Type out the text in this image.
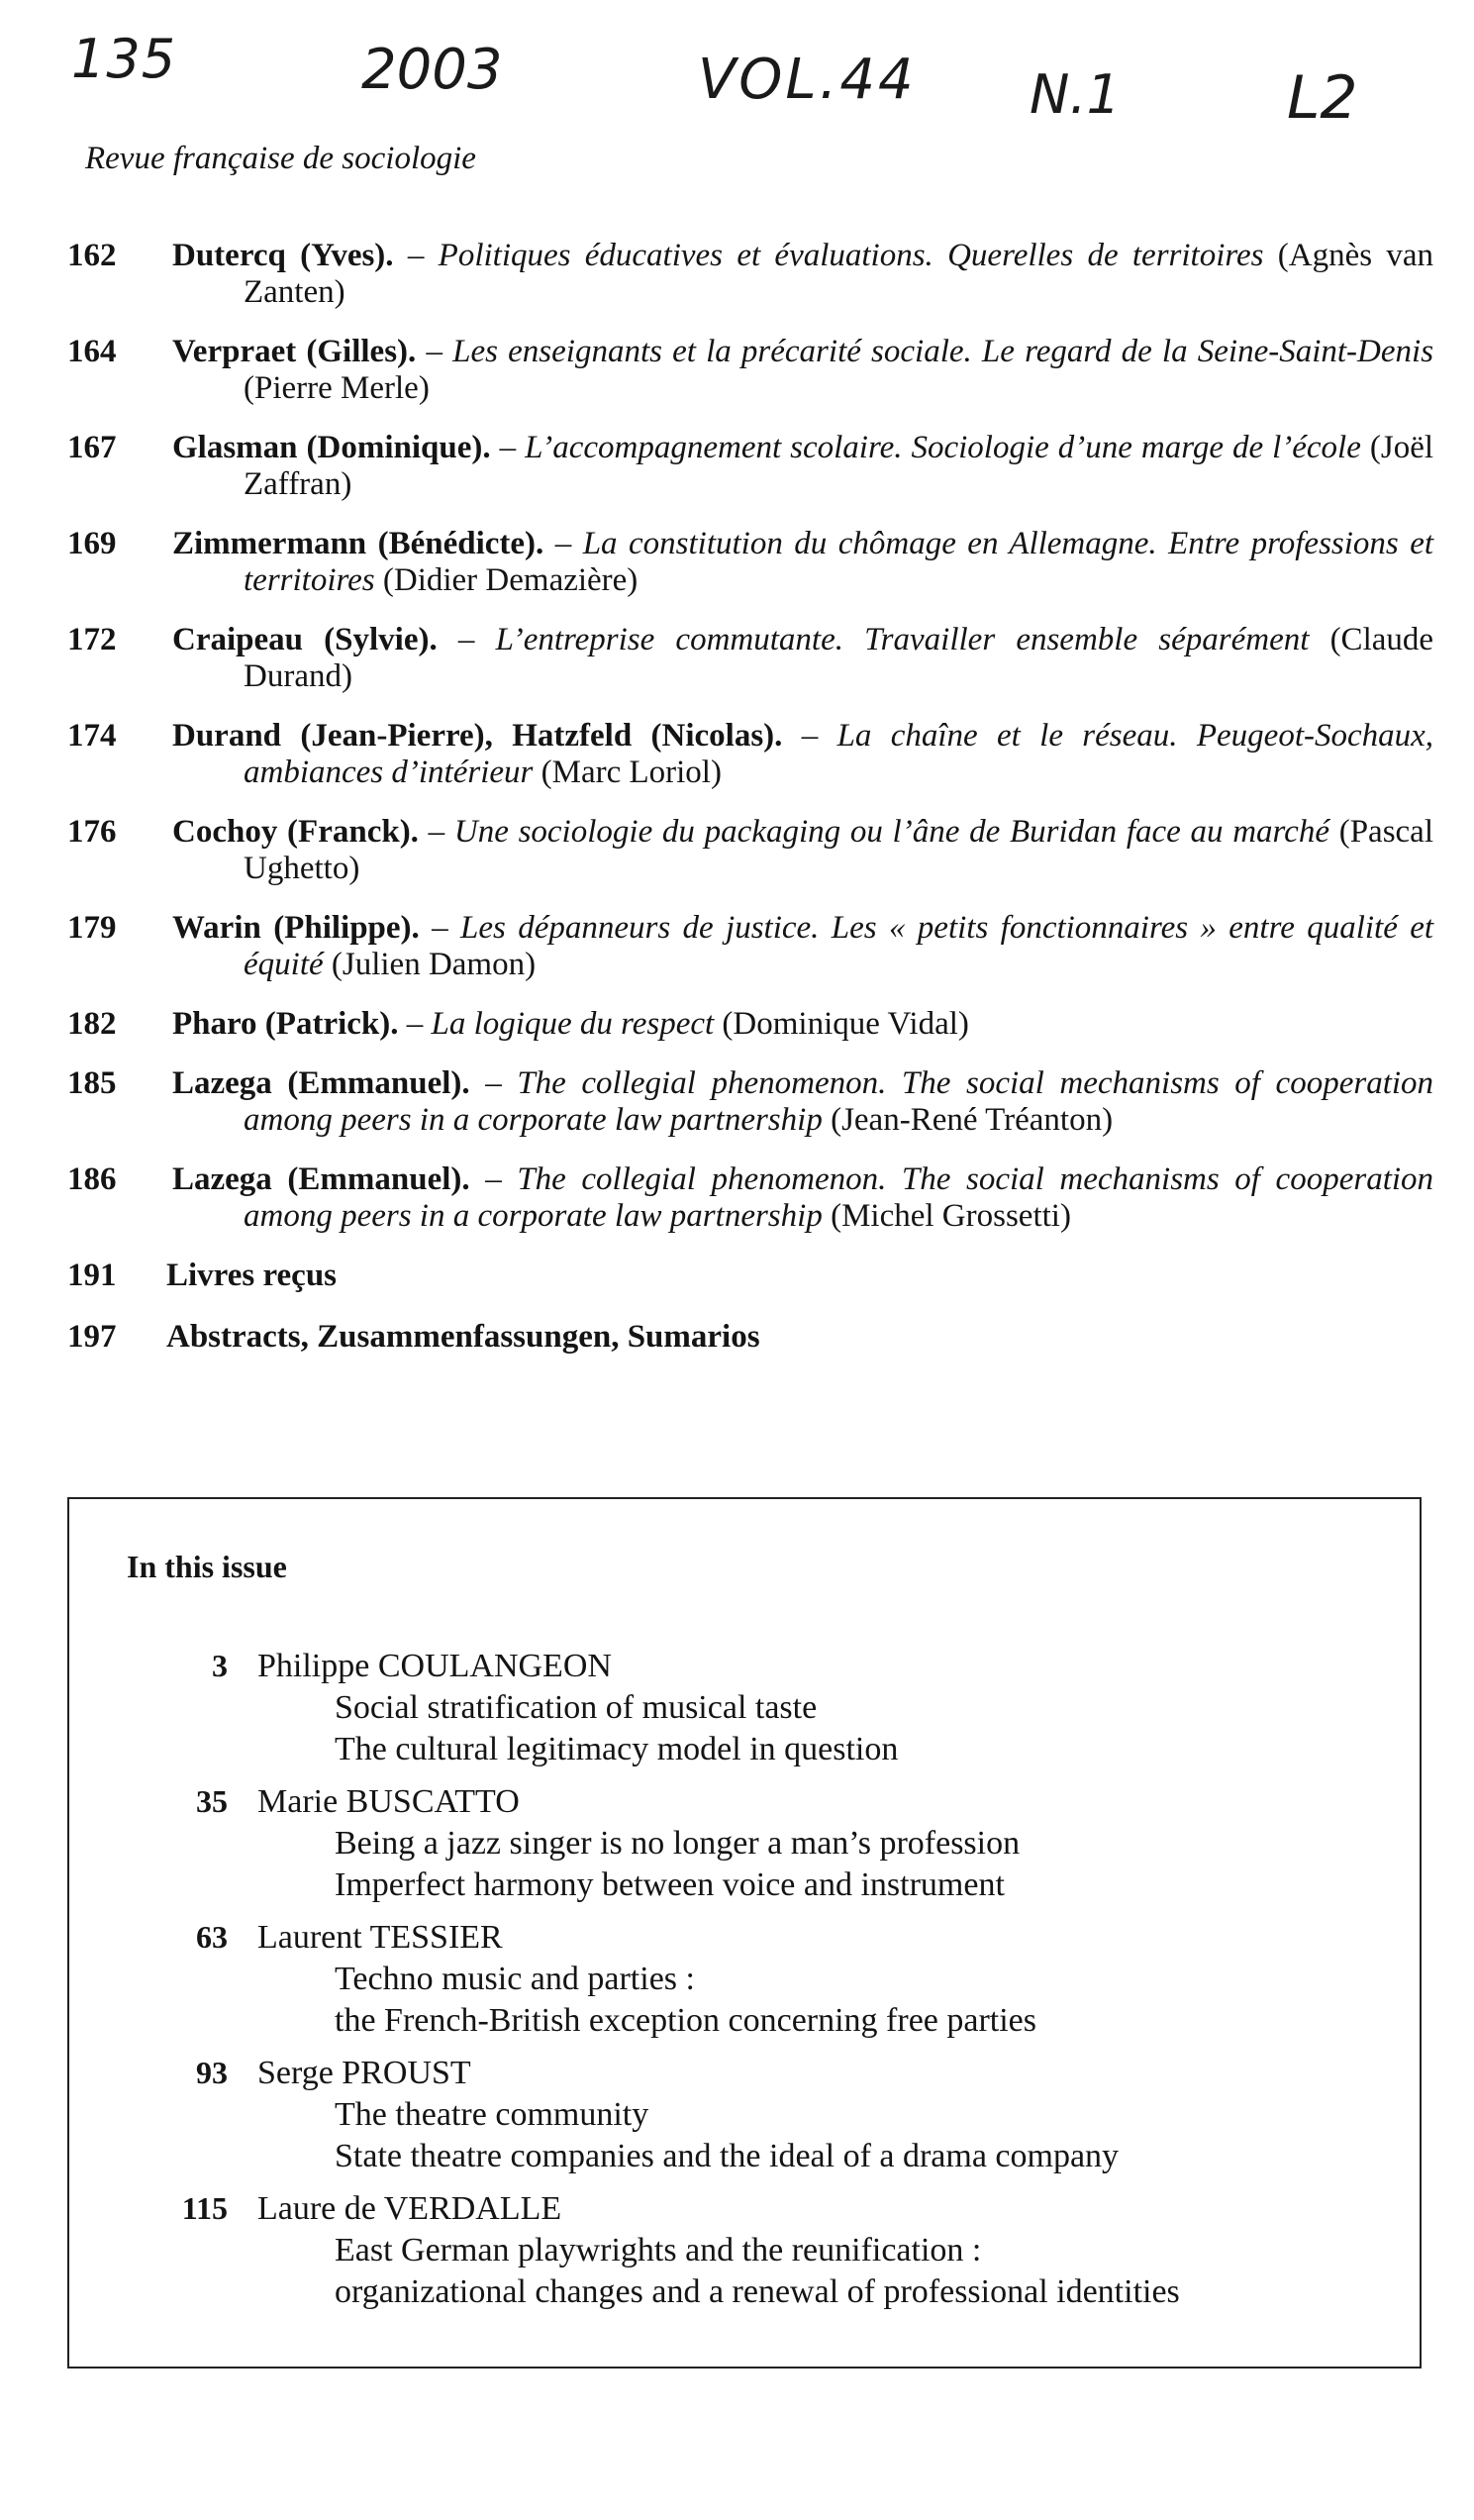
135	2003	VOL.44 N.1	L2
Revue française de sociologie
162	Dutercq (Yves). – Politiques éducatives et évaluations. Querelles de territoires (Agnès van Zanten)
164	Verpraet (Gilles). – Les enseignants et la précarité sociale. Le regard de la Seine-Saint-Denis (Pierre Merle)
167	Glasman (Dominique). – L’accompagnement scolaire. Sociologie d’une marge de l’école (Joël Zaffran)
169	Zimmermann (Bénédicte). – La constitution du chômage en Allemagne. Entre professions et territoires (Didier Demazière)
172	Craipeau (Sylvie). – L’entreprise commutante. Travailler ensemble séparément (Claude Durand)
174	Durand (Jean-Pierre), Hatzfeld (Nicolas). – La chaîne et le réseau. Peugeot-Sochaux, ambiances d’intérieur (Marc Loriol)
176	Cochoy (Franck). – Une sociologie du packaging ou l’âne de Buridan face au marché (Pascal Ughetto)
179	Warin (Philippe). – Les dépanneurs de justice. Les « petits fonctionnaires » entre qualité et équité (Julien Damon)
182	Pharo (Patrick). – La logique du respect (Dominique Vidal)
185	Lazega (Emmanuel). – The collegial phenomenon. The social mechanisms of cooperation among peers in a corporate law partnership (Jean-René Tréanton)
186	Lazega (Emmanuel). – The collegial phenomenon. The social mechanisms of cooperation among peers in a corporate law partnership (Michel Grossetti)
191	Livres reçus
197	Abstracts, Zusammenfassungen, Sumarios
In this issue
3 Philippe COULANGEON
Social stratification of musical taste
The cultural legitimacy model in question
35 Marie BUSCATTO
Being a jazz singer is no longer a man’s profession
Imperfect harmony between voice and instrument
63 Laurent TESSIER
Techno music and parties :
the French-British exception concerning free parties
93 Serge PROUST
The theatre community
State theatre companies and the ideal of a drama company
115 Laure de VERDALLE
East German playwrights and the reunification :
organizational changes and a renewal of professional identities
